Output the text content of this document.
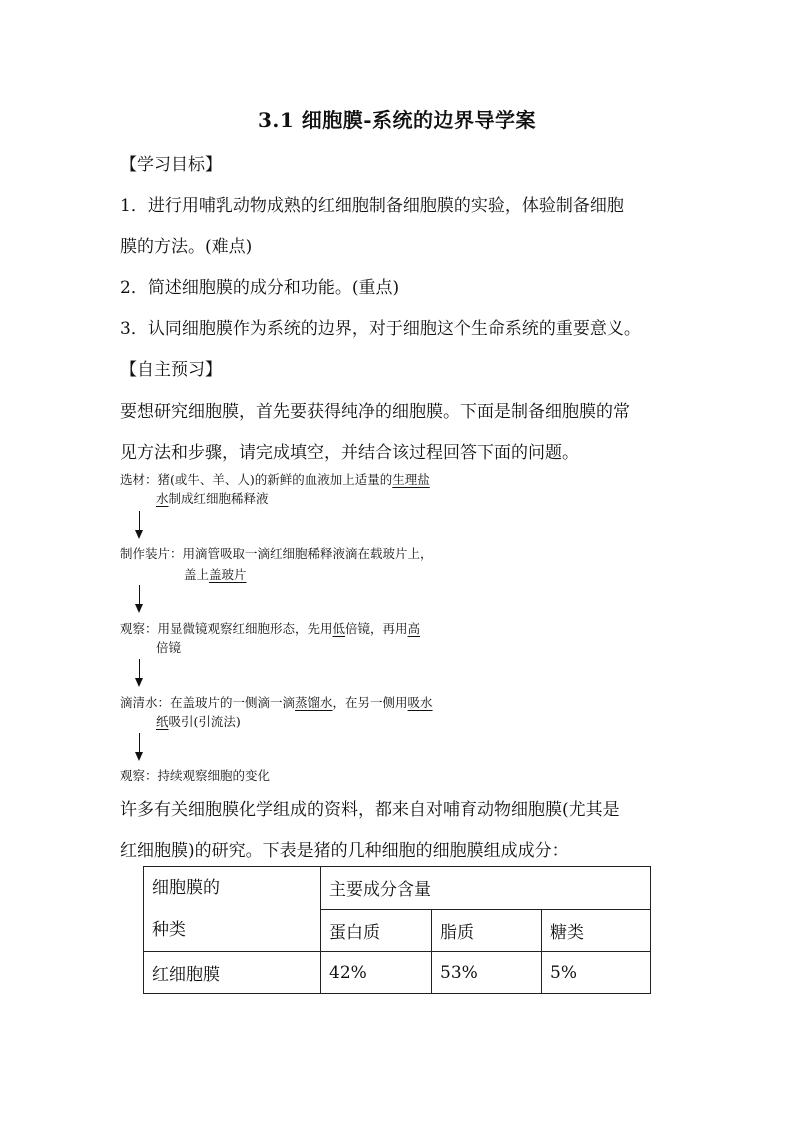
3.1 细胞膜-系统的边界导学案
【学习目标】
1．进行用哺乳动物成熟的红细胞制备细胞膜的实验，体验制备细胞
膜的方法。(难点)
2．简述细胞膜的成分和功能。(重点)
3．认同细胞膜作为系统的边界，对于细胞这个生命系统的重要意义。
【自主预习】
要想研究细胞膜，首先要获得纯净的细胞膜。下面是制备细胞膜的常
见方法和步骤，请完成填空，并结合该过程回答下面的问题。
选材：猪(或牛、羊、人)的新鲜的血液加上适量的生理盐
水制成红细胞稀释液
制作装片：用滴管吸取一滴红细胞稀释液滴在载玻片上，
盖上盖玻片
观察：用显微镜观察红细胞形态，先用低倍镜，再用高
倍镜
滴清水：在盖玻片的一侧滴一滴蒸馏水，在另一侧用吸水
纸吸引(引流法)
观察：持续观察细胞的变化
许多有关细胞膜化学组成的资料，都来自对哺育动物细胞膜(尤其是
红细胞膜)的研究。下表是猪的几种细胞的细胞膜组成成分：
细胞膜的
种类	主要成分含量		
	蛋白质	脂质	糖类
红细胞膜	42%	53%	5%
